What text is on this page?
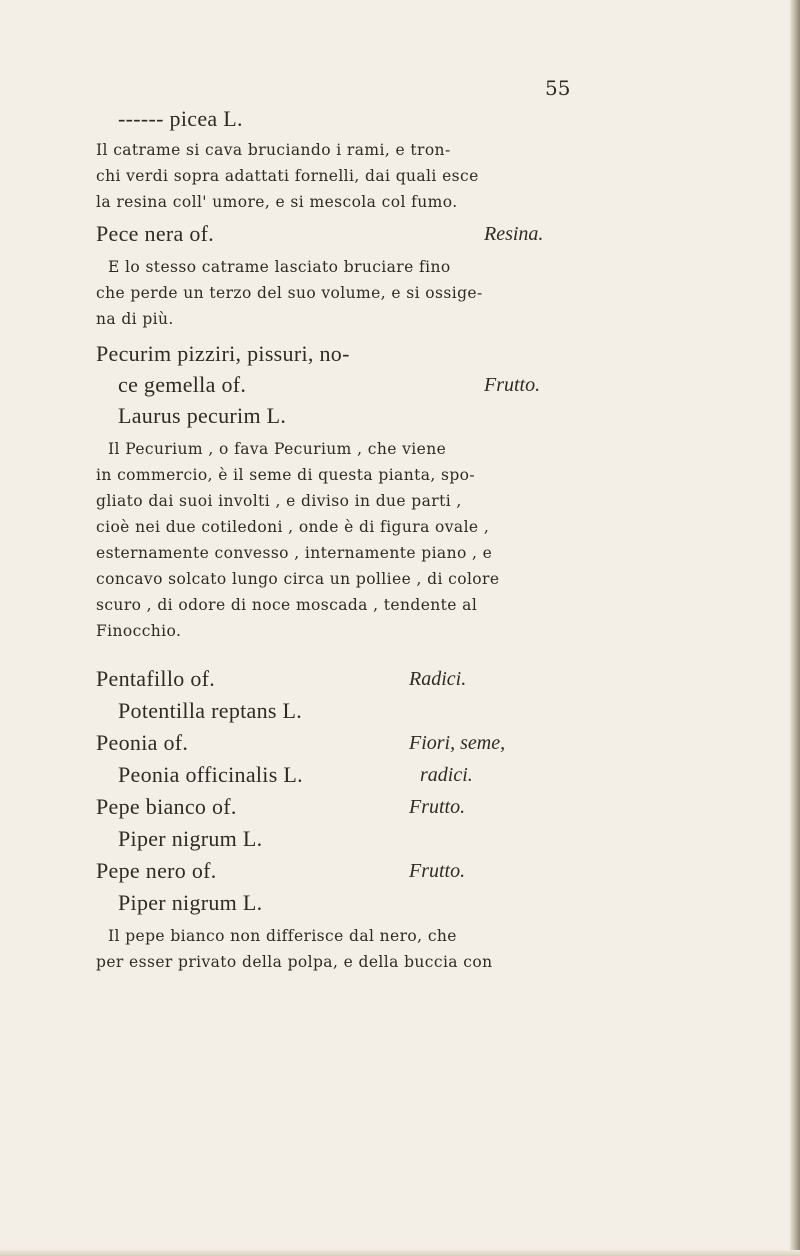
55
------ picea L.
Il catrame si cava bruciando i rami, e tron-
chi verdi sopra adattati fornelli, dai quali esce
la resina coll' umore, e si mescola col fumo.
Pece nera of.	Resina.
E lo stesso catrame lasciato bruciare fino
che perde un terzo del suo volume, e si ossige-
na di più.
Pecurim pizziri, pissuri, no-
ce gemella of.	Frutto.
Laurus pecurim L.
Il Pecurium , o fava Pecurium , che viene
in commercio, è il seme di questa pianta, spo-
gliato dai suoi involti , e diviso in due parti ,
cioè nei due cotiledoni , onde è di figura ovale ,
esternamente convesso , internamente piano , e
concavo solcato lungo circa un polliee , di colore
scuro , di odore di noce moscada , tendente al
Finocchio.
Pentafillo of.	Radici.
Potentilla reptans L.
Peonia of.	Fiori, seme,
Peonia officinalis L.	radici.
Pepe bianco of.	Frutto.
Piper nigrum L.
Pepe nero of.	Frutto.
Piper nigrum L.
Il pepe bianco non differisce dal nero, che
per esser privato della polpa, e della buccia con
